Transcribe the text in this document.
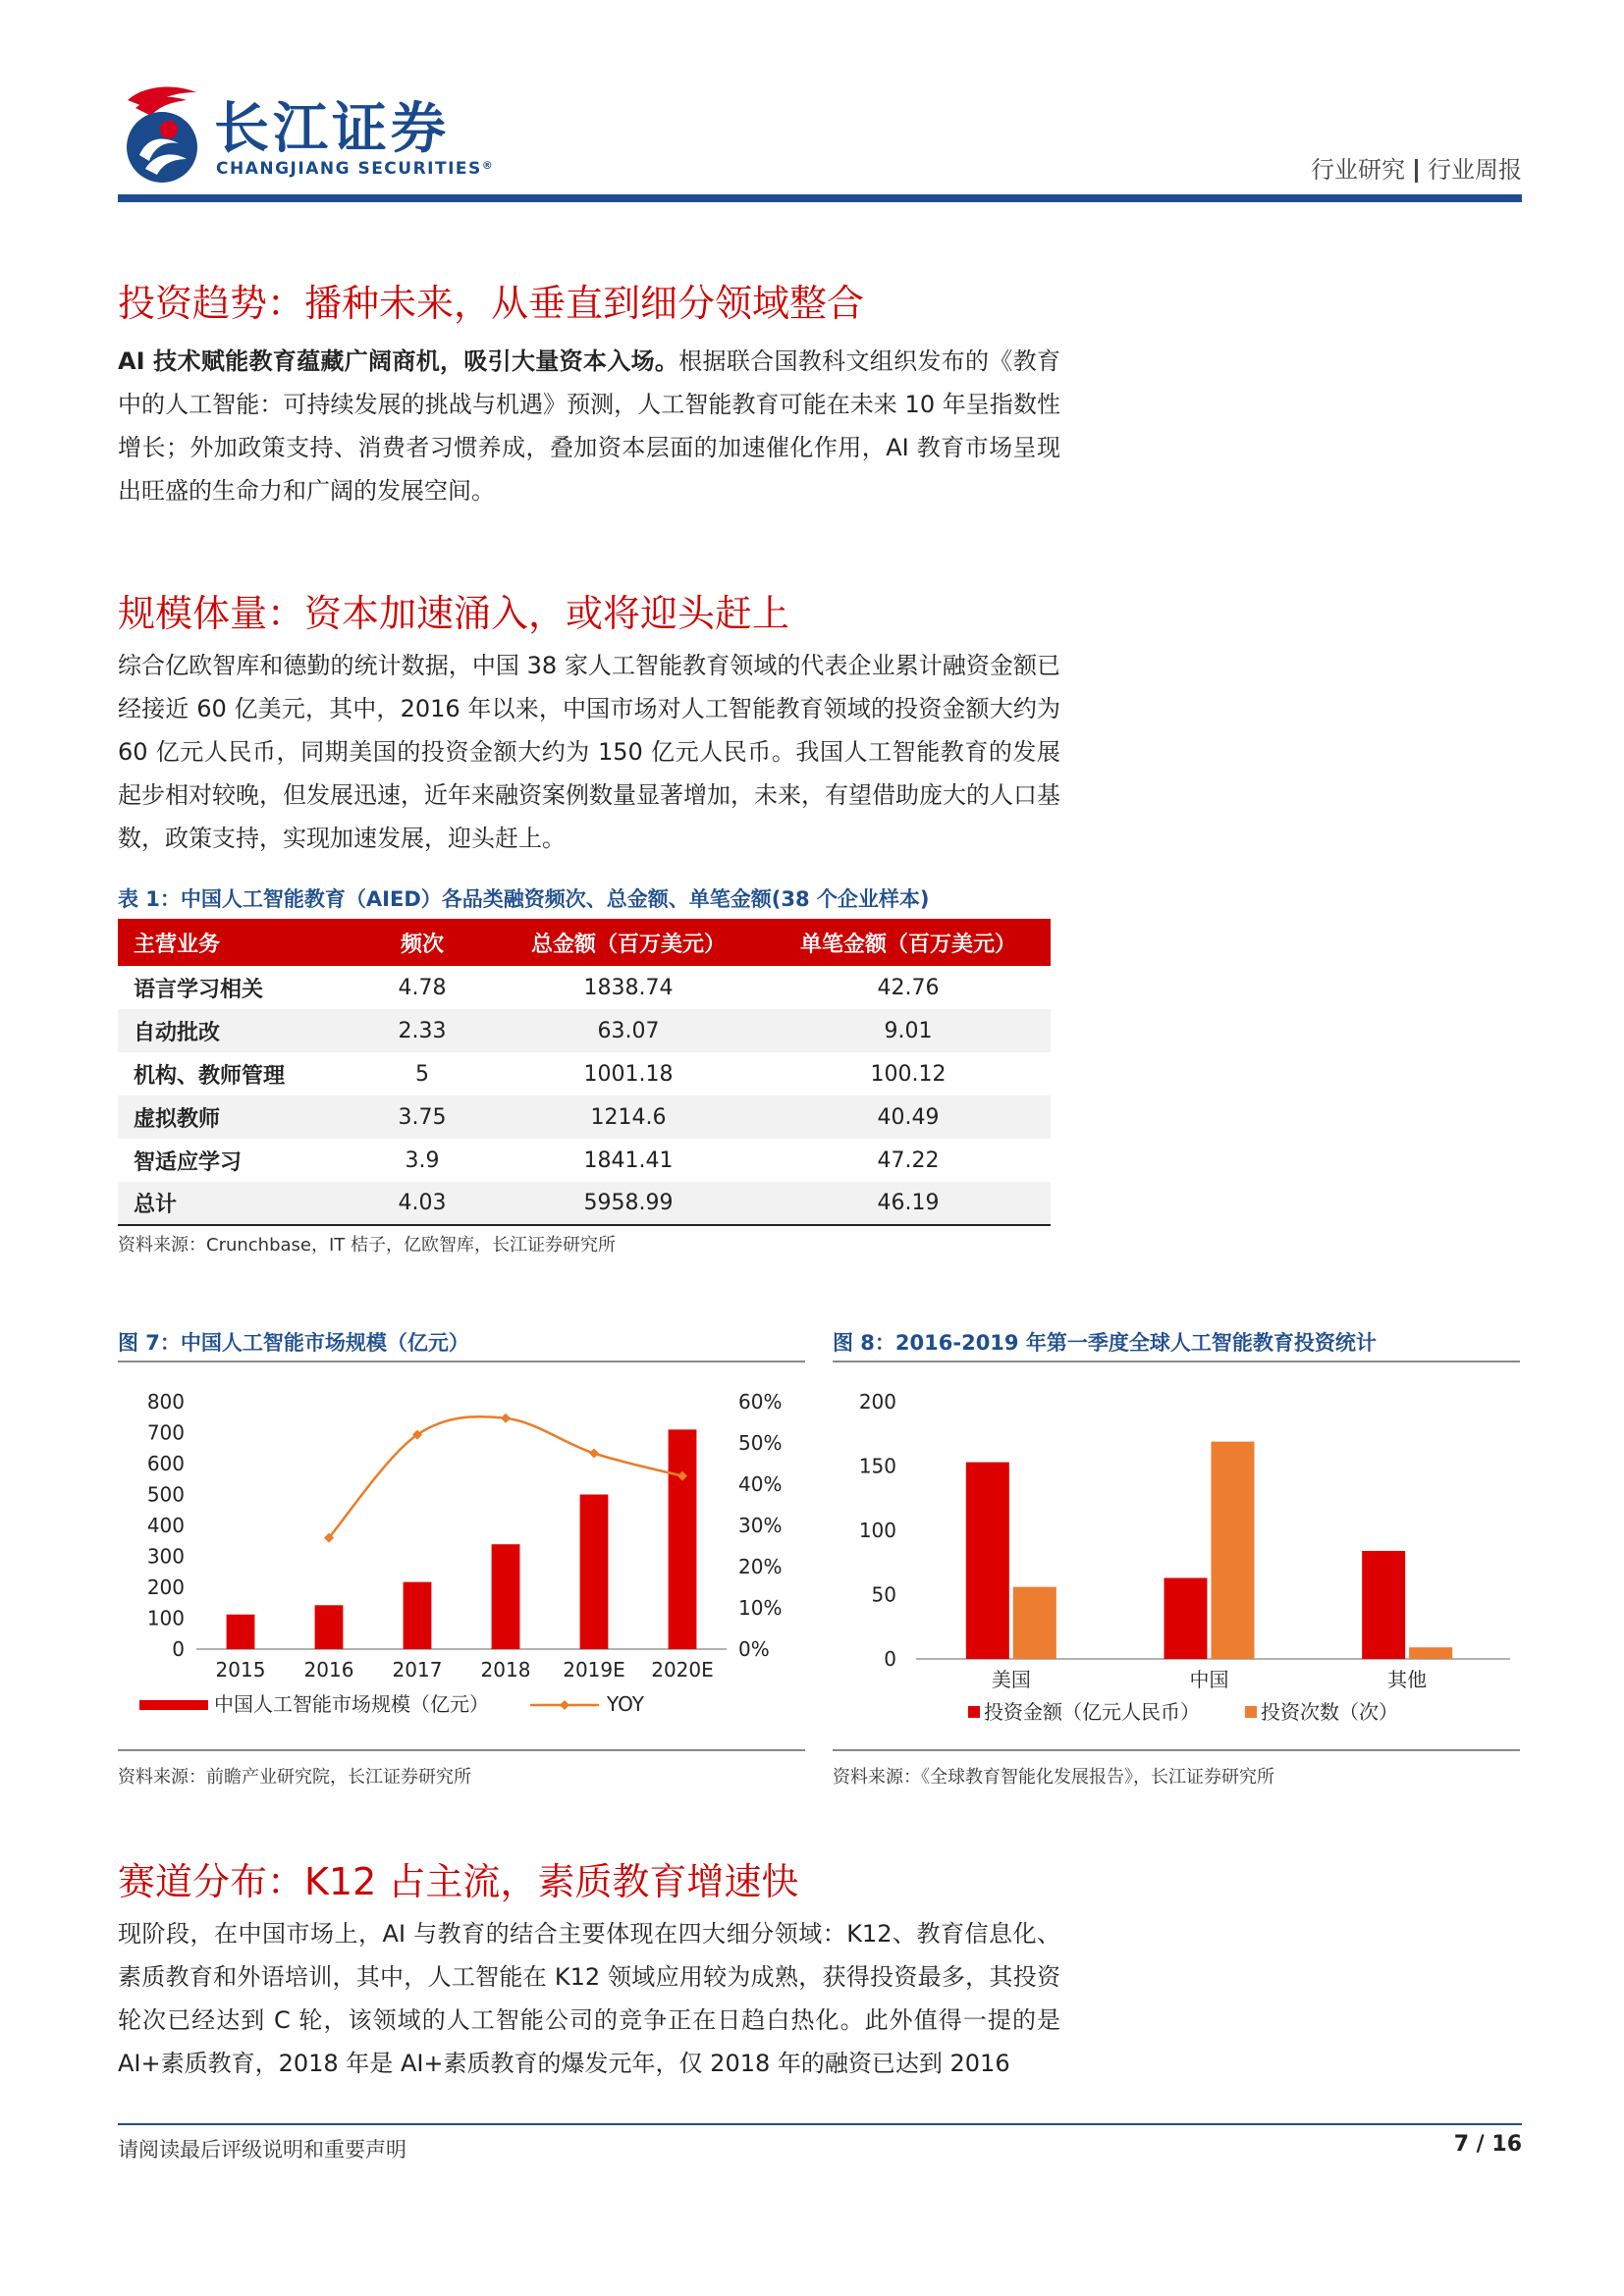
长江证券
CHANGJIANG SECURITIES®	行业研究 行业周报
投资趋势：播种未来，从垂直到细分领域整合
AI 技术赋能教育蕴藏广阔商机，吸引大量资本入场。根据联合国教科文组织发布的《教育中的人工智能：可持续发展的挑战与机遇》预测，人工智能教育可能在未来 10 年呈指数性增长；外加政策支持、消费者习惯养成，叠加资本层面的加速催化作用，AI 教育市场呈现出旺盛的生命力和广阔的发展空间。
规模体量：资本加速涌入，或将迎头赶上
综合亿欧智库和德勤的统计数据，中国 38 家人工智能教育领域的代表企业累计融资金额已经接近 60 亿美元，其中，2016 年以来，中国市场对人工智能教育领域的投资金额大约为 60 亿元人民币，同期美国的投资金额大约为 150 亿元人民币。我国人工智能教育的发展起步相对较晚，但发展迅速，近年来融资案例数量显著增加，未来，有望借助庞大的人口基数，政策支持，实现加速发展，迎头赶上。
表 1：中国人工智能教育（AIED）各品类融资频次、总金额、单笔金额(38 个企业样本)
主营业务	频次	总金额（百万美元）	单笔金额（百万美元）
语言学习相关	4.78	1838.74	42.76
自动批改	2.33	63.07	9.01
机构、教师管理	5	1001.18	100.12
虚拟教师	3.75	1214.6	40.49
智适应学习	3.9	1841.41	47.22
总计	4.03	5958.99	46.19
资料来源：Crunchbase，IT 桔子，亿欧智库，长江证券研究所
图 7：中国人工智能市场规模（亿元）
0
100
200
300
400
500
600
700
800
0%
10%
20%
30%
40%
50%
60%
2015 2016 2017 2018 2019E 2020E
中国人工智能市场规模（亿元）	YOY
资料来源：前瞻产业研究院，长江证券研究所
图 8：2016-2019 年第一季度全球人工智能教育投资统计
0
50
100
150
200
美国	中国	其他
投资金额（亿元人民币）	投资次数（次）
资料来源：《全球教育智能化发展报告》，长江证券研究所
赛道分布：K12 占主流，素质教育增速快
现阶段，在中国市场上，AI 与教育的结合主要体现在四大细分领域：K12、教育信息化、素质教育和外语培训，其中，人工智能在 K12 领域应用较为成熟，获得投资最多，其投资轮次已经达到 C 轮，该领域的人工智能公司的竞争正在日趋白热化。此外值得一提的是 AI+素质教育，2018 年是 AI+素质教育的爆发元年，仅 2018 年的融资已达到 2016
请阅读最后评级说明和重要声明	7 / 16
